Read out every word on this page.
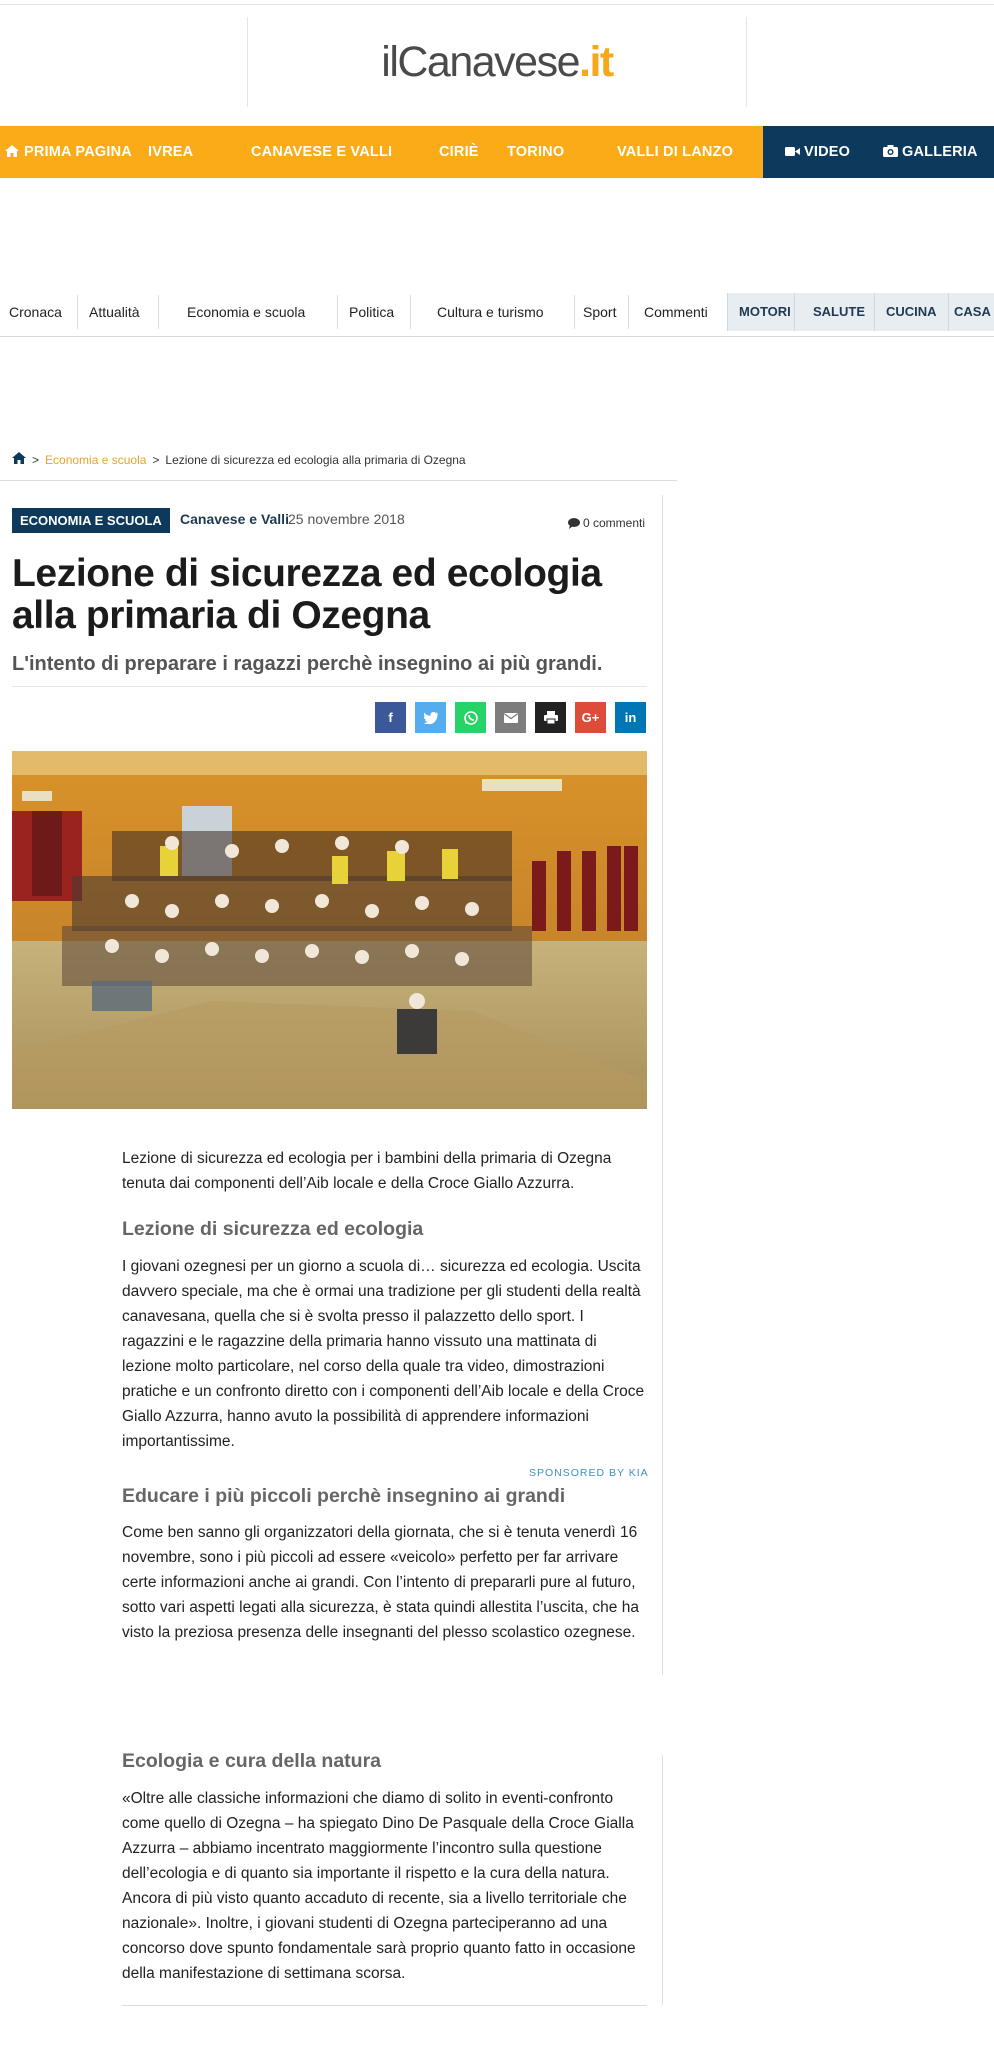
ilCanavese.it
PRIMA PAGINA IVREA	CANAVESE E VALLI	CIRIÈ TORINO	VALLI DI LANZO	VIDEO	GALLERIA
Cronaca Attualità	Economia e scuola	Politica	Cultura e turismo	Sport Commenti MOTORI SALUTE CUCINA CASA
> Economia e scuola > Lezione di sicurezza ed ecologia alla primaria di Ozegna
ECONOMIA E SCUOLA	Canavese e Valli 25 novembre 2018	0 commenti
Lezione di sicurezza ed ecologia alla primaria di Ozegna
L'intento di preparare i ragazzi perchè insegnino ai più grandi.
f	G+ in

Lezione di sicurezza ed ecologia per i bambini della primaria di Ozegna tenuta dai componenti dell’Aib locale e della Croce Giallo Azzurra.

Lezione di sicurezza ed ecologia

I giovani ozegnesi per un giorno a scuola di… sicurezza ed ecologia. Uscita davvero speciale, ma che è ormai una tradizione per gli studenti della realtà canavesana, quella che si è svolta presso il palazzetto dello sport. I ragazzini e le ragazzine della primaria hanno vissuto una mattinata di lezione molto particolare, nel corso della quale tra video, dimostrazioni pratiche e un confronto diretto con i componenti dell’Aib locale e della Croce Giallo Azzurra, hanno avuto la possibilità di apprendere informazioni importantissime.

SPONSORED BY KIA
Educare i più piccoli perchè insegnino ai grandi

Come ben sanno gli organizzatori della giornata, che si è tenuta venerdì 16 novembre, sono i più piccoli ad essere «veicolo» perfetto per far arrivare certe informazioni anche ai grandi. Con l’intento di prepararli pure al futuro, sotto vari aspetti legati alla sicurezza, è stata quindi allestita l’uscita, che ha visto la preziosa presenza delle insegnanti del plesso scolastico ozegnese.

Ecologia e cura della natura

«Oltre alle classiche informazioni che diamo di solito in eventi-confronto come quello di Ozegna – ha spiegato Dino De Pasquale della Croce Gialla Azzurra – abbiamo incentrato maggiormente l’incontro sulla questione dell’ecologia e di quanto sia importante il rispetto e la cura della natura. Ancora di più visto quanto accaduto di recente, sia a livello territoriale che nazionale». Inoltre, i giovani studenti di Ozegna parteciperanno ad una concorso dove spunto fondamentale sarà proprio quanto fatto in occasione della manifestazione di settimana scorsa.
